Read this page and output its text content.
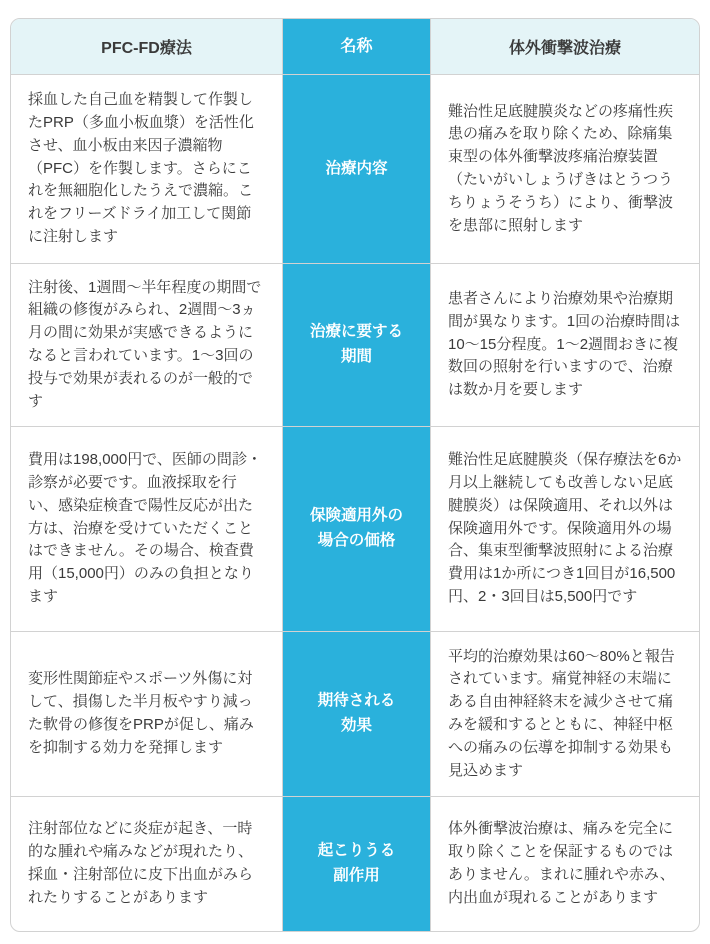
PFC-FD療法	名称	体外衝撃波治療
採血した自己血を精製して作製したPRP（多血小板血漿）を活性化させ、血小板由来因子濃縮物（PFC）を作製します。さらにこれを無細胞化したうえで濃縮。これをフリーズドライ加工して関節に注射します
治療内容
難治性足底腱膜炎などの疼痛性疾患の痛みを取り除くため、除痛集束型の体外衝撃波疼痛治療装置（たいがいしょうげきはとうつうちりょうそうち）により、衝撃波を患部に照射します
注射後、1週間〜半年程度の期間で組織の修復がみられ、2週間〜3ヵ月の間に効果が実感できるようになると言われています。1〜3回の投与で効果が表れるのが一般的です
治療に要する
期間
患者さんにより治療効果や治療期間が異なります。1回の治療時間は10〜15分程度。1〜2週間おきに複数回の照射を行いますので、治療は数か月を要します
費用は198,000円で、医師の問診・診察が必要です。血液採取を行い、感染症検査で陽性反応が出た方は、治療を受けていただくことはできません。その場合、検査費用（15,000円）のみの負担となります
保険適用外の
場合の価格
難治性足底腱膜炎（保存療法を6か月以上継続しても改善しない足底腱膜炎）は保険適用、それ以外は保険適用外です。保険適用外の場合、集束型衝撃波照射による治療費用は1か所につき1回目が16,500円、2・3回目は5,500円です
変形性関節症やスポーツ外傷に対して、損傷した半月板やすり減った軟骨の修復をPRPが促し、痛みを抑制する効力を発揮します
期待される
効果
平均的治療効果は60〜80%と報告されています。痛覚神経の末端にある自由神経終末を減少させて痛みを緩和するとともに、神経中枢への痛みの伝導を抑制する効果も見込めます
注射部位などに炎症が起き、一時的な腫れや痛みなどが現れたり、採血・注射部位に皮下出血がみられたりすることがあります
起こりうる
副作用
体外衝撃波治療は、痛みを完全に取り除くことを保証するものではありません。まれに腫れや赤み、内出血が現れることがあります
